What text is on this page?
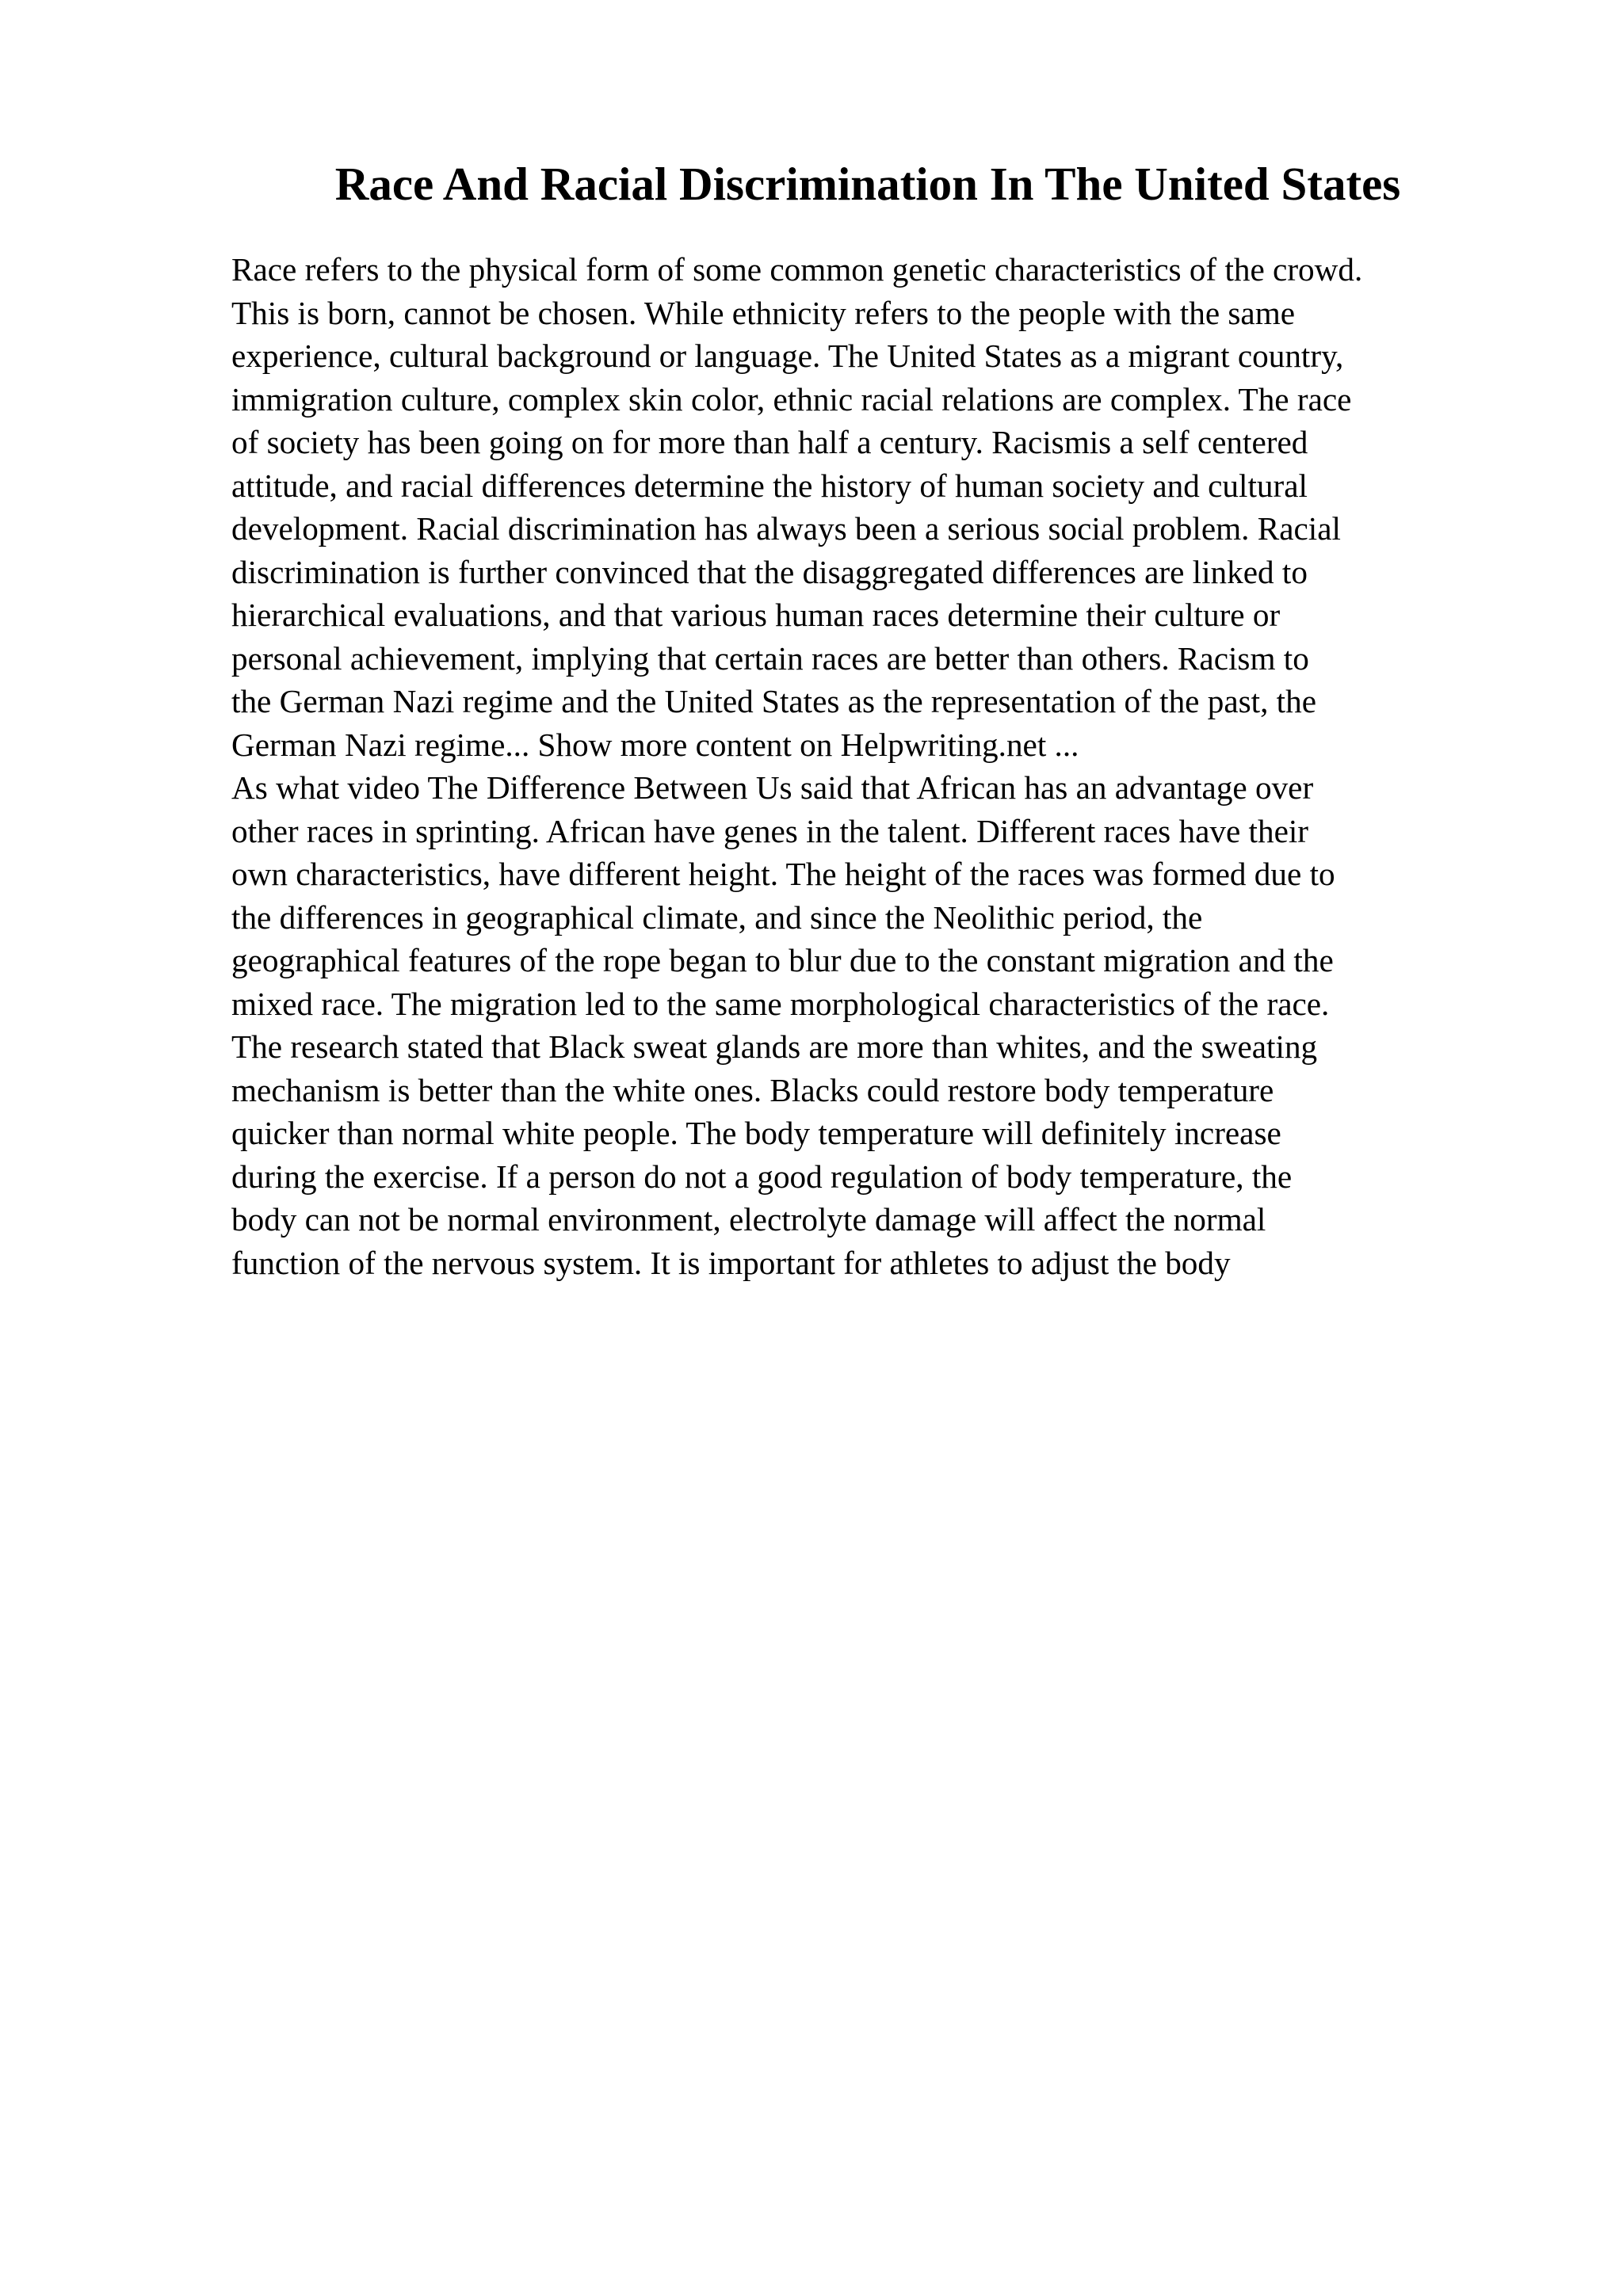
Race And Racial Discrimination In The United States
Race refers to the physical form of some common genetic characteristics of the crowd.
This is born, cannot be chosen. While ethnicity refers to the people with the same
experience, cultural background or language. The United States as a migrant country,
immigration culture, complex skin color, ethnic racial relations are complex. The race
of society has been going on for more than half a century. Racismis a self centered
attitude, and racial differences determine the history of human society and cultural
development. Racial discrimination has always been a serious social problem. Racial
discrimination is further convinced that the disaggregated differences are linked to
hierarchical evaluations, and that various human races determine their culture or
personal achievement, implying that certain races are better than others. Racism to
the German Nazi regime and the United States as the representation of the past, the
German Nazi regime... Show more content on Helpwriting.net ...
As what video The Difference Between Us said that African has an advantage over
other races in sprinting. African have genes in the talent. Different races have their
own characteristics, have different height. The height of the races was formed due to
the differences in geographical climate, and since the Neolithic period, the
geographical features of the rope began to blur due to the constant migration and the
mixed race. The migration led to the same morphological characteristics of the race.
The research stated that Black sweat glands are more than whites, and the sweating
mechanism is better than the white ones. Blacks could restore body temperature
quicker than normal white people. The body temperature will definitely increase
during the exercise. If a person do not a good regulation of body temperature, the
body can not be normal environment, electrolyte damage will affect the normal
function of the nervous system. It is important for athletes to adjust the body
